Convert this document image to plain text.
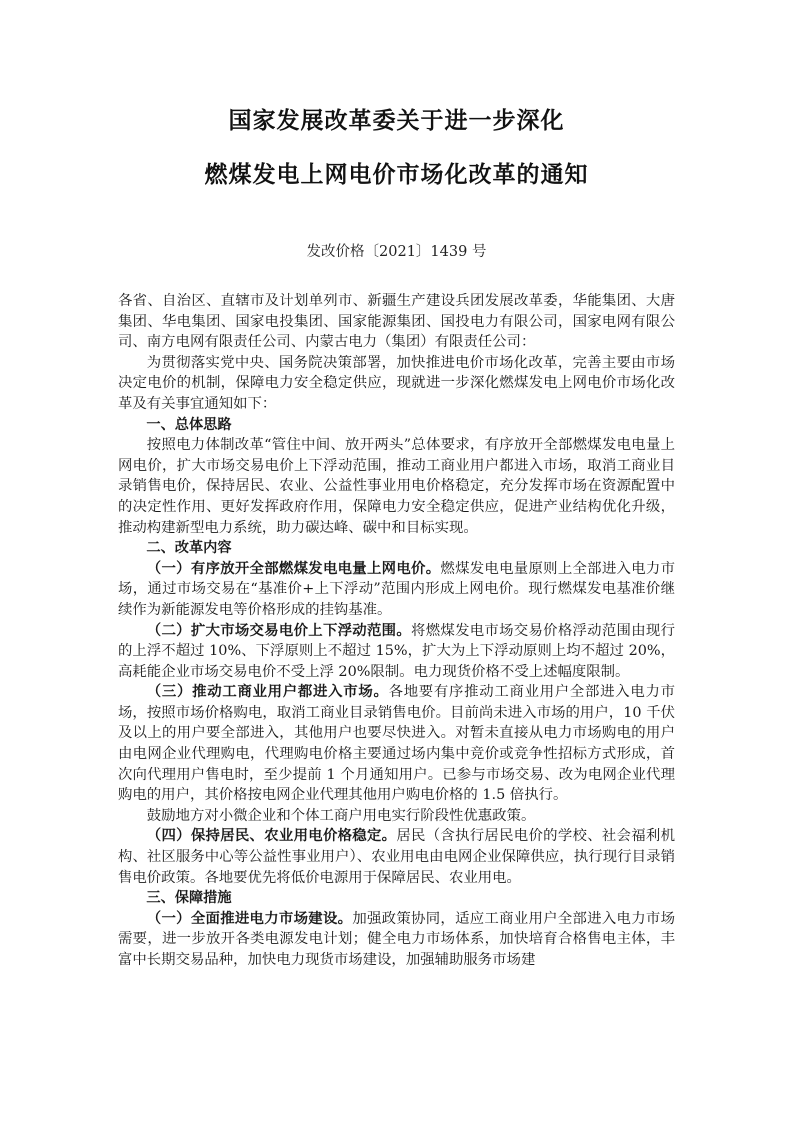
国家发展改革委关于进一步深化
燃煤发电上网电价市场化改革的通知
发改价格〔2021〕1439 号

各省、自治区、直辖市及计划单列市、新疆生产建设兵团发展改革委，华能集团、大唐集团、华电集团、国家电投集团、国家能源集团、国投电力有限公司，国家电网有限公司、南方电网有限责任公司、内蒙古电力（集团）有限责任公司：

为贯彻落实党中央、国务院决策部署，加快推进电价市场化改革，完善主要由市场决定电价的机制，保障电力安全稳定供应，现就进一步深化燃煤发电上网电价市场化改革及有关事宜通知如下：

一、总体思路

按照电力体制改革“管住中间、放开两头”总体要求，有序放开全部燃煤发电电量上网电价，扩大市场交易电价上下浮动范围，推动工商业用户都进入市场，取消工商业目录销售电价，保持居民、农业、公益性事业用电价格稳定，充分发挥市场在资源配置中的决定性作用、更好发挥政府作用，保障电力安全稳定供应，促进产业结构优化升级，推动构建新型电力系统，助力碳达峰、碳中和目标实现。

二、改革内容

（一）有序放开全部燃煤发电电量上网电价。燃煤发电电量原则上全部进入电力市场，通过市场交易在“基准价+上下浮动”范围内形成上网电价。现行燃煤发电基准价继续作为新能源发电等价格形成的挂钩基准。

（二）扩大市场交易电价上下浮动范围。将燃煤发电市场交易价格浮动范围由现行的上浮不超过 10%、下浮原则上不超过 15%，扩大为上下浮动原则上均不超过 20%，高耗能企业市场交易电价不受上浮 20%限制。电力现货价格不受上述幅度限制。

（三）推动工商业用户都进入市场。各地要有序推动工商业用户全部进入电力市场，按照市场价格购电，取消工商业目录销售电价。目前尚未进入市场的用户，10 千伏及以上的用户要全部进入，其他用户也要尽快进入。对暂未直接从电力市场购电的用户由电网企业代理购电，代理购电价格主要通过场内集中竞价或竞争性招标方式形成，首次向代理用户售电时，至少提前 1 个月通知用户。已参与市场交易、改为电网企业代理购电的用户，其价格按电网企业代理其他用户购电价格的 1.5 倍执行。

鼓励地方对小微企业和个体工商户用电实行阶段性优惠政策。

（四）保持居民、农业用电价格稳定。居民（含执行居民电价的学校、社会福利机构、社区服务中心等公益性事业用户）、农业用电由电网企业保障供应，执行现行目录销售电价政策。各地要优先将低价电源用于保障居民、农业用电。

三、保障措施

（一）全面推进电力市场建设。加强政策协同，适应工商业用户全部进入电力市场需要，进一步放开各类电源发电计划；健全电力市场体系，加快培育合格售电主体，丰富中长期交易品种，加快电力现货市场建设，加强辅助服务市场建
